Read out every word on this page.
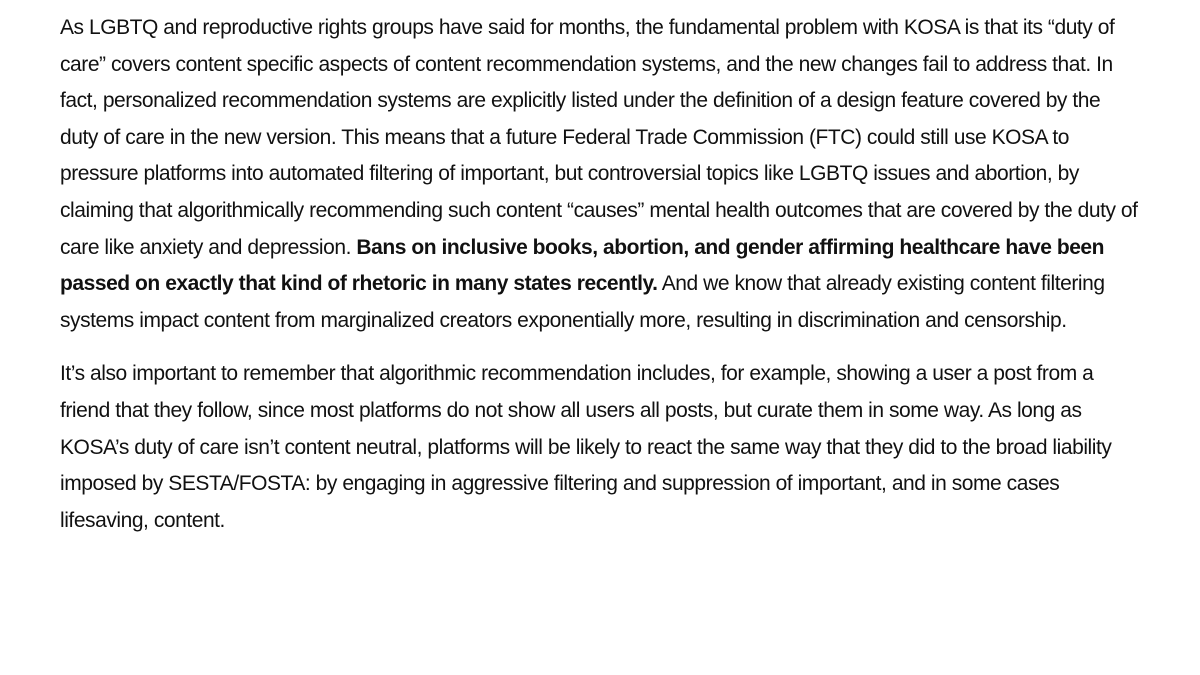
As LGBTQ and reproductive rights groups have said for months, the fundamental problem with KOSA is that its “duty of care” covers content specific aspects of content recommendation systems, and the new changes fail to address that. In fact, personalized recommendation systems are explicitly listed under the definition of a design feature covered by the duty of care in the new version. This means that a future Federal Trade Commission (FTC) could still use KOSA to pressure platforms into automated filtering of important, but controversial topics like LGBTQ issues and abortion, by claiming that algorithmically recommending such content “causes” mental health outcomes that are covered by the duty of care like anxiety and depression. Bans on inclusive books, abortion, and gender affirming healthcare have been passed on exactly that kind of rhetoric in many states recently. And we know that already existing content filtering systems impact content from marginalized creators exponentially more, resulting in discrimination and censorship.

It’s also important to remember that algorithmic recommendation includes, for example, showing a user a post from a friend that they follow, since most platforms do not show all users all posts, but curate them in some way. As long as KOSA’s duty of care isn’t content neutral, platforms will be likely to react the same way that they did to the broad liability imposed by SESTA/FOSTA: by engaging in aggressive filtering and suppression of important, and in some cases lifesaving, content.
